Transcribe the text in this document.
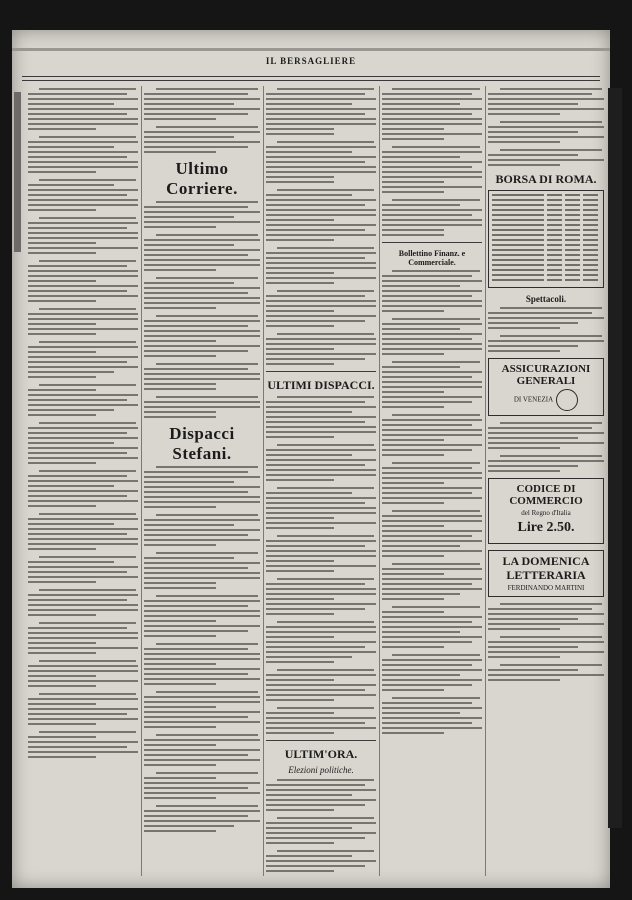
IL BERSAGLIERE
Ultimo Corriere.
Dispacci Stefani.
ULTIMI DISPACCI.
ULTIM'ORA.
Elezioni politiche.
Bollettino Finanz. e Commerciale.
BORSA DI ROMA.
Spettacoli.
ASSICURAZIONI GENERALI
DI VENEZIA
CODICE DI COMMERCIO
del Regno d'Italia
Lire 2.50.
LA DOMENICA LETTERARIA
FERDINANDO MARTINI
